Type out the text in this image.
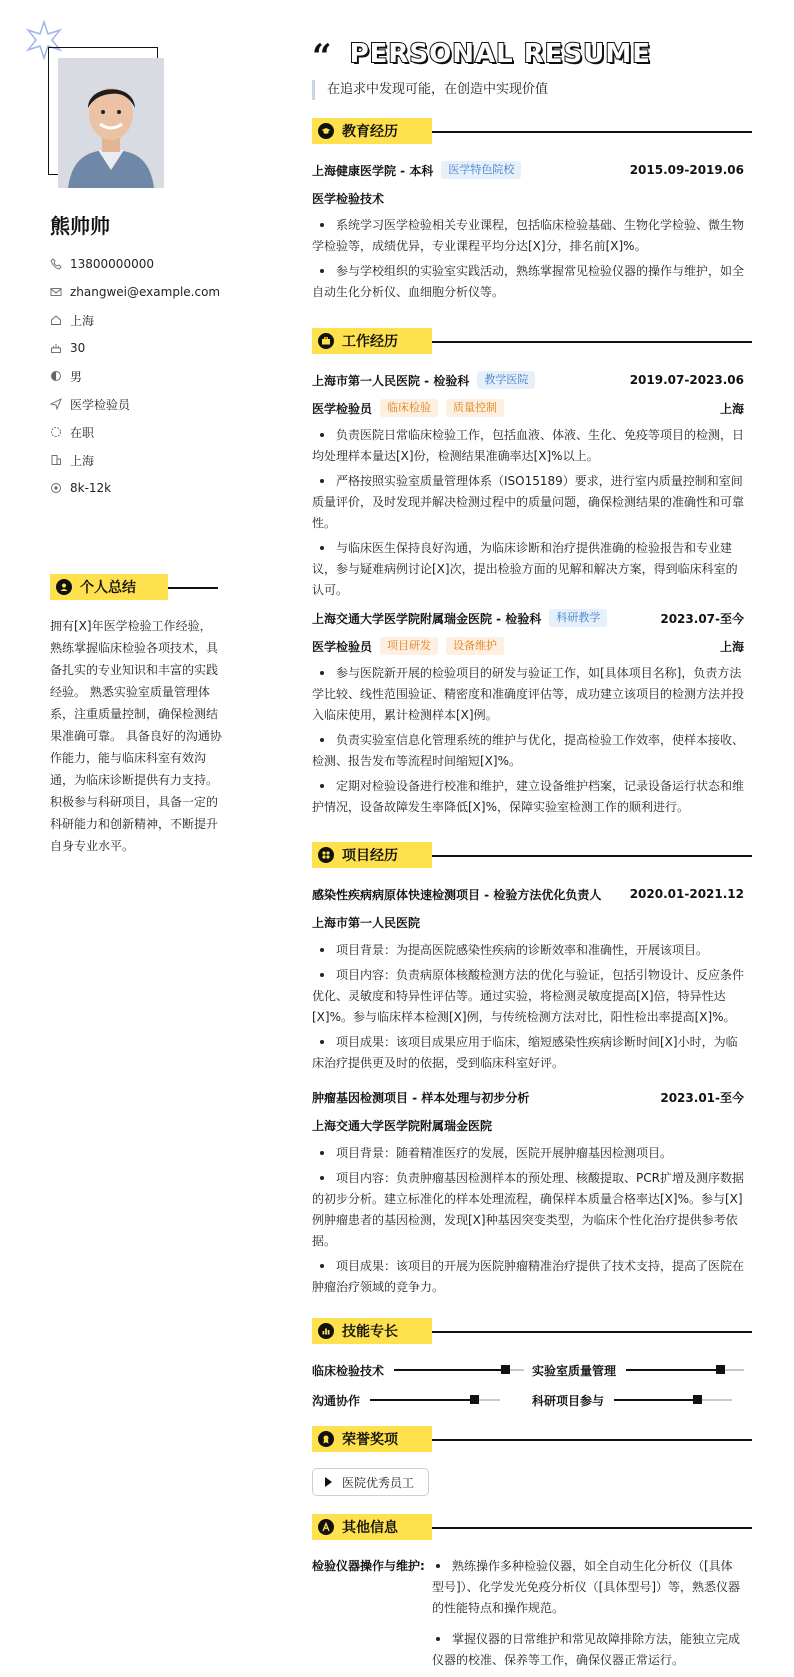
熊帅帅
13800000000
zhangwei@example.com
上海
30
男
医学检验员
在职
上海
8k-12k
个人总结
拥有[X]年医学检验工作经验，熟练掌握临床检验各项技术，具备扎实的专业知识和丰富的实践经验。 熟悉实验室质量管理体系，注重质量控制，确保检测结果准确可靠。 具备良好的沟通协作能力，能与临床科室有效沟通，为临床诊断提供有力支持。 积极参与科研项目，具备一定的科研能力和创新精神，不断提升自身专业水平。
“ PERSONAL RESUME
在追求中发现可能，在创造中实现价值
教育经历
上海健康医学院 - 本科	医学特色院校	2015.09-2019.06
医学检验技术
系统学习医学检验相关专业课程，包括临床检验基础、生物化学检验、微生物学检验等，成绩优异，专业课程平均分达[X]分，排名前[X]%。
参与学校组织的实验室实践活动，熟练掌握常见检验仪器的操作与维护，如全自动生化分析仪、血细胞分析仪等。
工作经历
上海市第一人民医院 - 检验科	教学医院	2019.07-2023.06
医学检验员	临床检验	质量控制	上海
负责医院日常临床检验工作，包括血液、体液、生化、免疫等项目的检测，日均处理样本量达[X]份，检测结果准确率达[X]%以上。
严格按照实验室质量管理体系（ISO15189）要求，进行室内质量控制和室间质量评价，及时发现并解决检测过程中的质量问题，确保检测结果的准确性和可靠性。
与临床医生保持良好沟通，为临床诊断和治疗提供准确的检验报告和专业建议，参与疑难病例讨论[X]次，提出检验方面的见解和解决方案，得到临床科室的认可。
上海交通大学医学院附属瑞金医院 - 检验科	科研教学	2023.07-至今
医学检验员	项目研发	设备维护	上海
参与医院新开展的检验项目的研发与验证工作，如[具体项目名称]，负责方法学比较、线性范围验证、精密度和准确度评估等，成功建立该项目的检测方法并投入临床使用，累计检测样本[X]例。
负责实验室信息化管理系统的维护与优化，提高检验工作效率，使样本接收、检测、报告发布等流程时间缩短[X]%。
定期对检验设备进行校准和维护，建立设备维护档案，记录设备运行状态和维护情况，设备故障发生率降低[X]%，保障实验室检测工作的顺利进行。
项目经历
感染性疾病病原体快速检测项目 - 检验方法优化负责人 2020.01-2021.12
上海市第一人民医院
项目背景：为提高医院感染性疾病的诊断效率和准确性，开展该项目。
项目内容：负责病原体核酸检测方法的优化与验证，包括引物设计、反应条件优化、灵敏度和特异性评估等。通过实验，将检测灵敏度提高[X]倍，特异性达[X]%。参与临床样本检测[X]例，与传统检测方法对比，阳性检出率提高[X]%。
项目成果：该项目成果应用于临床，缩短感染性疾病诊断时间[X]小时，为临床治疗提供更及时的依据，受到临床科室好评。
肿瘤基因检测项目 - 样本处理与初步分析	2023.01-至今
上海交通大学医学院附属瑞金医院
项目背景：随着精准医疗的发展，医院开展肿瘤基因检测项目。
项目内容：负责肿瘤基因检测样本的预处理、核酸提取、PCR扩增及测序数据的初步分析。建立标准化的样本处理流程，确保样本质量合格率达[X]%。参与[X]例肿瘤患者的基因检测，发现[X]种基因突变类型，为临床个性化治疗提供参考依据。
项目成果：该项目的开展为医院肿瘤精准治疗提供了技术支持，提高了医院在肿瘤治疗领域的竞争力。
技能专长
临床检验技术	实验室质量管理
沟通协作	科研项目参与
荣誉奖项
医院优秀员工
其他信息
检验仪器操作与维护:	熟练操作多种检验仪器，如全自动生化分析仪（[具体型号]）、化学发光免疫分析仪（[具体型号]）等，熟悉仪器的性能特点和操作规范。
掌握仪器的日常维护和常见故障排除方法，能独立完成仪器的校准、保养等工作，确保仪器正常运行。
